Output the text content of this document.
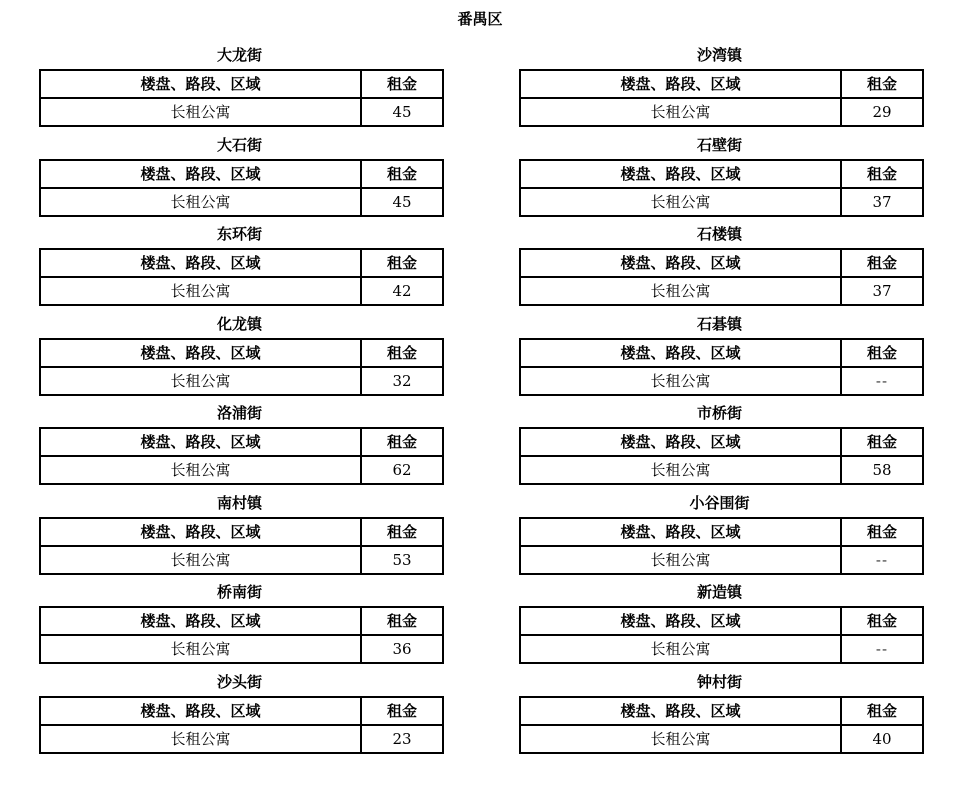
番禺区
大龙街
楼盘、路段、区域	租金
长租公寓	45
大石街
楼盘、路段、区域	租金
长租公寓	45
东环街
楼盘、路段、区域	租金
长租公寓	42
化龙镇
楼盘、路段、区域	租金
长租公寓	32
洛浦街
楼盘、路段、区域	租金
长租公寓	62
南村镇
楼盘、路段、区域	租金
长租公寓	53
桥南街
楼盘、路段、区域	租金
长租公寓	36
沙头街
楼盘、路段、区域	租金
长租公寓	23
沙湾镇
楼盘、路段、区域	租金
长租公寓	29
石壁街
楼盘、路段、区域	租金
长租公寓	37
石楼镇
楼盘、路段、区域	租金
长租公寓	37
石碁镇
楼盘、路段、区域	租金
长租公寓	--
市桥街
楼盘、路段、区域	租金
长租公寓	58
小谷围街
楼盘、路段、区域	租金
长租公寓	--
新造镇
楼盘、路段、区域	租金
长租公寓	--
钟村街
楼盘、路段、区域	租金
长租公寓	40
